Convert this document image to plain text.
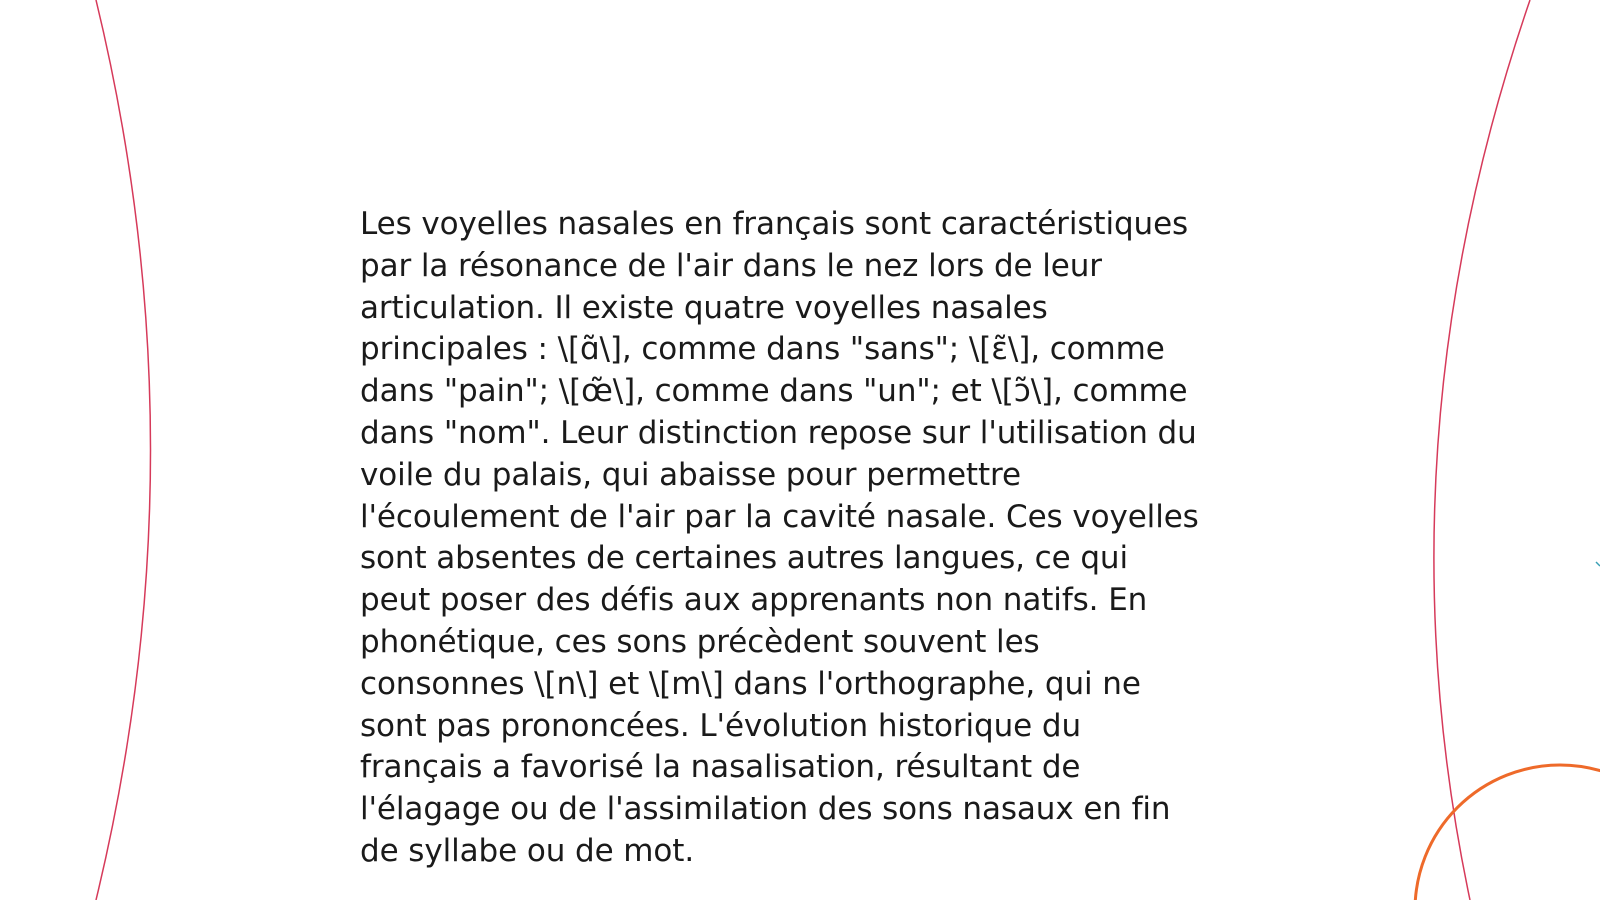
Les voyelles nasales en français sont caractéristiques
par la résonance de l'air dans le nez lors de leur
articulation. Il existe quatre voyelles nasales
principales : \[ɑ̃\], comme dans "sans"; \[ɛ̃\], comme
dans "pain"; \[œ̃\], comme dans "un"; et \[ɔ̃\], comme
dans "nom". Leur distinction repose sur l'utilisation du
voile du palais, qui abaisse pour permettre
l'écoulement de l'air par la cavité nasale. Ces voyelles
sont absentes de certaines autres langues, ce qui
peut poser des défis aux apprenants non natifs. En
phonétique, ces sons précèdent souvent les
consonnes \[n\] et \[m\] dans l'orthographe, qui ne
sont pas prononcées. L'évolution historique du
français a favorisé la nasalisation, résultant de
l'élagage ou de l'assimilation des sons nasaux en fin
de syllabe ou de mot.
